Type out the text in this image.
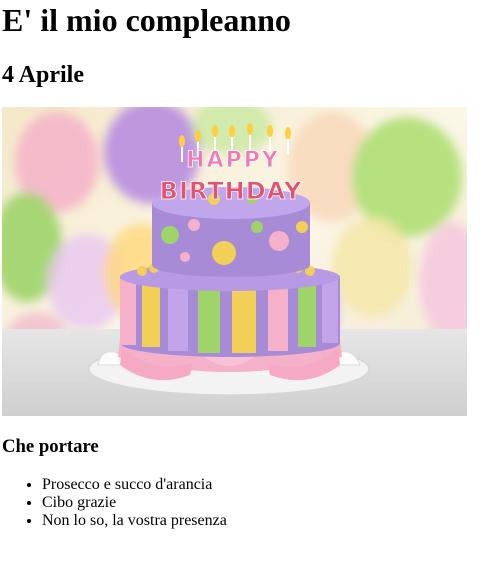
E' il mio compleanno
4 Aprile
HAPPY
BIRTHDAY
Che portare
• Prosecco e succo d'arancia
• Cibo grazie
• Non lo so, la vostra presenza
